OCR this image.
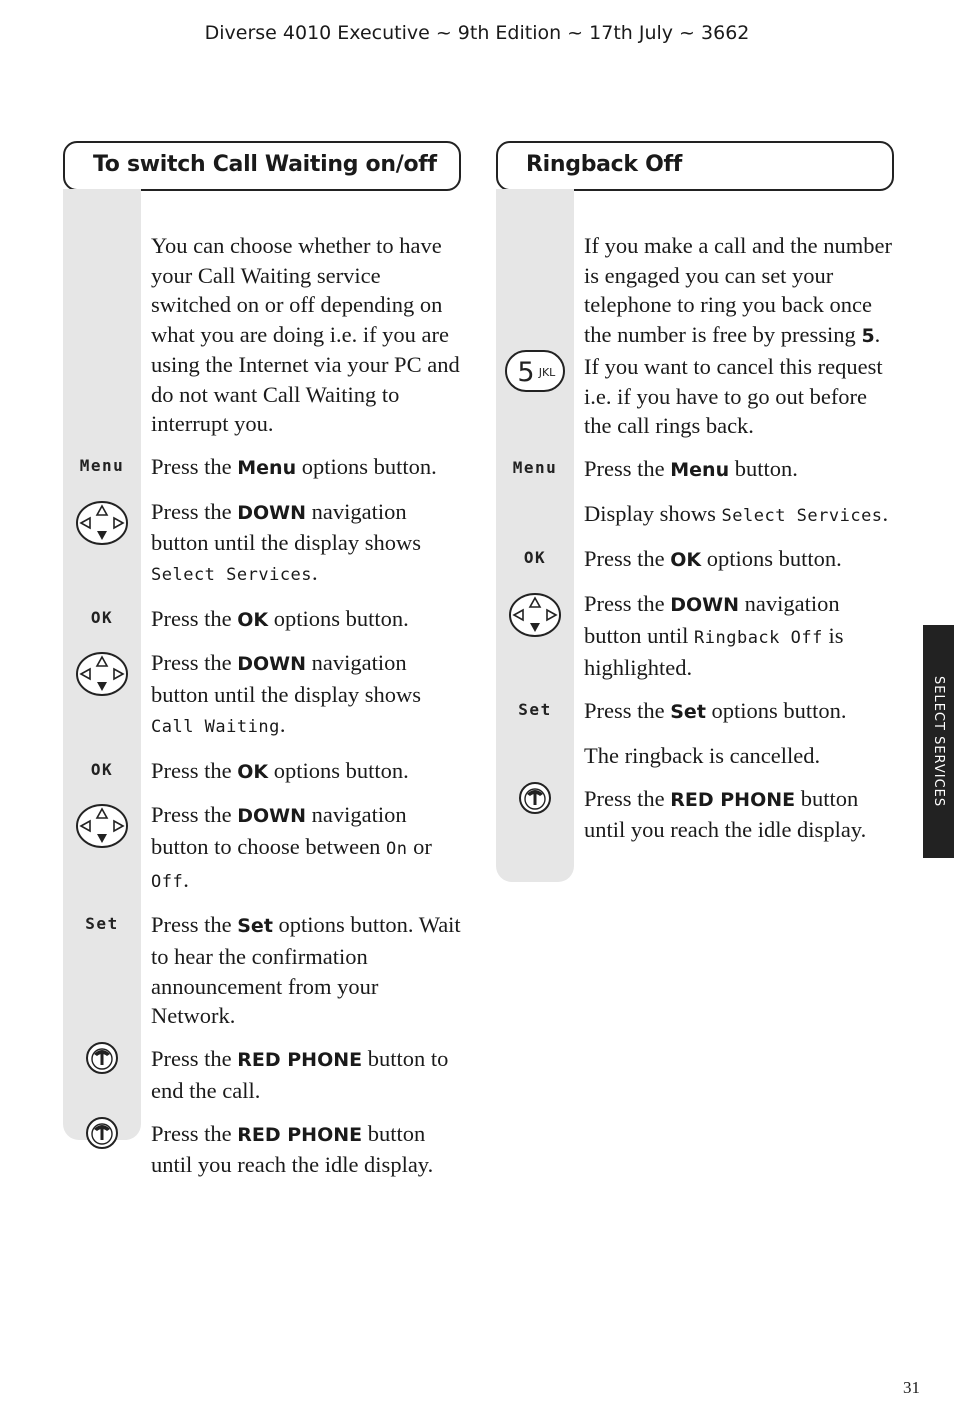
Diverse 4010 Executive ~ 9th Edition ~ 17th July ~ 3662
To switch Call Waiting on/off
You can choose whether to have your Call Waiting service switched on or off depending on what you are doing i.e. if you are using the Internet via your PC and do not want Call Waiting to interrupt you.
Menu Press the Menu options button.
Press the DOWN navigation button until the display shows Select Services.
OK Press the OK options button.
Press the DOWN navigation button until the display shows Call Waiting.
OK Press the OK options button.
Press the DOWN navigation button to choose between On or Off.
Set Press the Set options button. Wait to hear the confirmation announcement from your Network.
Press the RED PHONE button to end the call.
Press the RED PHONE button until you reach the idle display.
Ringback Off
5 JKL
If you make a call and the number is engaged you can set your telephone to ring you back once the number is free by pressing 5. If you want to cancel this request i.e. if you have to go out before the call rings back.
Menu Press the Menu button.
Display shows Select Services.
OK Press the OK options button.
Press the DOWN navigation button until Ringback Off is highlighted.
Set Press the Set options button.
The ringback is cancelled.
Press the RED PHONE button until you reach the idle display.
SELECT SERVICES
31
